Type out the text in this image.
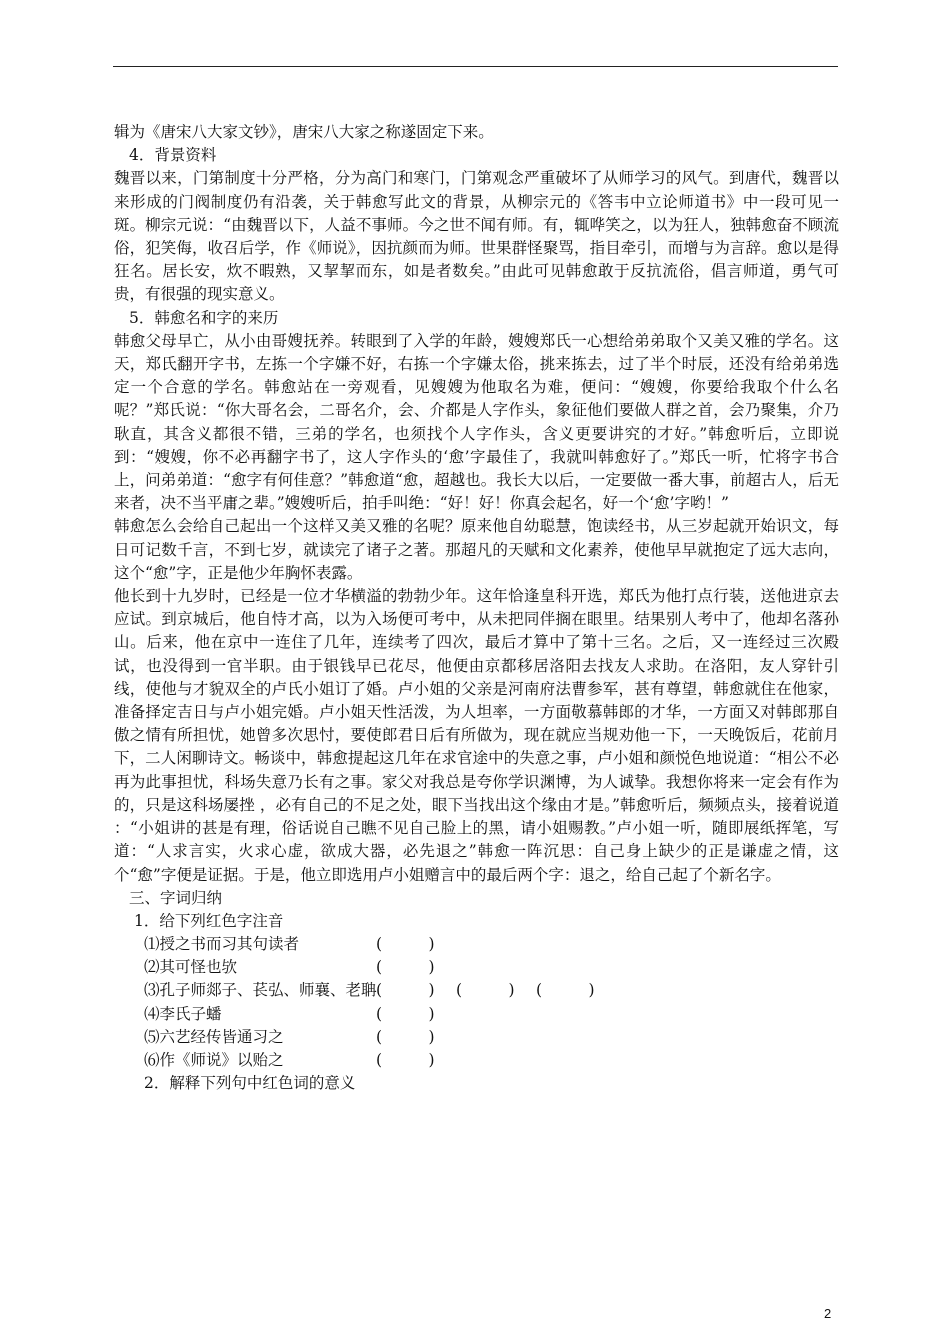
辑为《唐宋八大家文钞》，唐宋八大家之称遂固定下来。

4．背景资料

魏晋以来，门第制度十分严格，分为高门和寒门，门第观念严重破坏了从师学习的风气。到唐代，魏晋以来形成的门阀制度仍有沿袭，关于韩愈写此文的背景，从柳宗元的《答韦中立论师道书》中一段可见一斑。柳宗元说：“由魏晋以下，人益不事师。今之世不闻有师。有，辄哗笑之，以为狂人，独韩愈奋不顾流俗，犯笑侮，收召后学，作《师说》，因抗颜而为师。世果群怪聚骂，指目牵引，而增与为言辞。愈以是得狂名。居长安，炊不暇熟，又挈挈而东，如是者数矣。”由此可见韩愈敢于反抗流俗，倡言师道，勇气可贵，有很强的现实意义。

5．韩愈名和字的来历

韩愈父母早亡，从小由哥嫂抚养。转眼到了入学的年龄，嫂嫂郑氏一心想给弟弟取个又美又雅的学名。这天，郑氏翻开字书，左拣一个字嫌不好，右拣一个字嫌太俗，挑来拣去，过了半个时辰，还没有给弟弟选定一个合意的学名。韩愈站在一旁观看，见嫂嫂为他取名为难，便问：“嫂嫂，你要给我取个什么名呢？”郑氏说：“你大哥名会，二哥名介，会、介都是人字作头，象征他们要做人群之首，会乃聚集，介乃耿直，其含义都很不错，三弟的学名，也须找个人字作头，含义更要讲究的才好。”韩愈听后，立即说到：“嫂嫂，你不必再翻字书了，这人字作头的‘愈’字最佳了，我就叫韩愈好了。”郑氏一听，忙将字书合上，问弟弟道：“愈字有何佳意？”韩愈道“愈，超越也。我长大以后，一定要做一番大事，前超古人，后无来者，决不当平庸之辈。”嫂嫂听后，拍手叫绝：“好！好！你真会起名，好一个‘愈’字哟！”

韩愈怎么会给自己起出一个这样又美又雅的名呢？原来他自幼聪慧，饱读经书，从三岁起就开始识文，每日可记数千言，不到七岁，就读完了诸子之著。那超凡的天赋和文化素养，使他早早就抱定了远大志向，这个“愈”字，正是他少年胸怀表露。

他长到十九岁时，已经是一位才华横溢的勃勃少年。这年恰逢皇科开选，郑氏为他打点行装，送他进京去应试。到京城后，他自恃才高，以为入场便可考中，从未把同伴搁在眼里。结果别人考中了，他却名落孙山。后来，他在京中一连住了几年，连续考了四次，最后才算中了第十三名。之后，又一连经过三次殿试，也没得到一官半职。由于银钱早已花尽，他便由京都移居洛阳去找友人求助。在洛阳，友人穿针引线，使他与才貌双全的卢氏小姐订了婚。卢小姐的父亲是河南府法曹参军，甚有尊望，韩愈就住在他家，准备择定吉日与卢小姐完婚。卢小姐天性活泼，为人坦率，一方面敬慕韩郎的才华，一方面又对韩郎那自傲之情有所担忧，她曾多次思忖，要使郎君日后有所做为，现在就应当规劝他一下，一天晚饭后，花前月下，二人闲聊诗文。畅谈中，韩愈提起这几年在求官途中的失意之事，卢小姐和颜悦色地说道：“相公不必再为此事担忧，科场失意乃长有之事。家父对我总是夸你学识渊博，为人诚挚。我想你将来一定会有作为的，只是这科场屡挫 ，必有自己的不足之处，眼下当找出这个缘由才是。”韩愈听后，频频点头，接着说道 ：“小姐讲的甚是有理，俗话说自己瞧不见自己脸上的黑，请小姐赐教。”卢小姐一听，随即展纸挥笔，写道：“人求言实，火求心虚，欲成大器，必先退之”韩愈一阵沉思：自己身上缺少的正是谦虚之情，这个“愈”字便是证据。于是，他立即选用卢小姐赠言中的最后两个字：退之，给自己起了个新名字。

三、字词归纳

1．给下列红色字注音

⑴授之书而习其句读者	(　　　)
⑵其可怪也欤	(　　　)
⑶孔子师郯子、苌弘、师襄、老聃 (　　　)	(　　　)	(　　　)
⑷李氏子蟠	(　　　)
⑸六艺经传皆通习之	(　　　)
⑹作《师说》以贻之	(　　　)

2．解释下列句中红色词的意义

2
